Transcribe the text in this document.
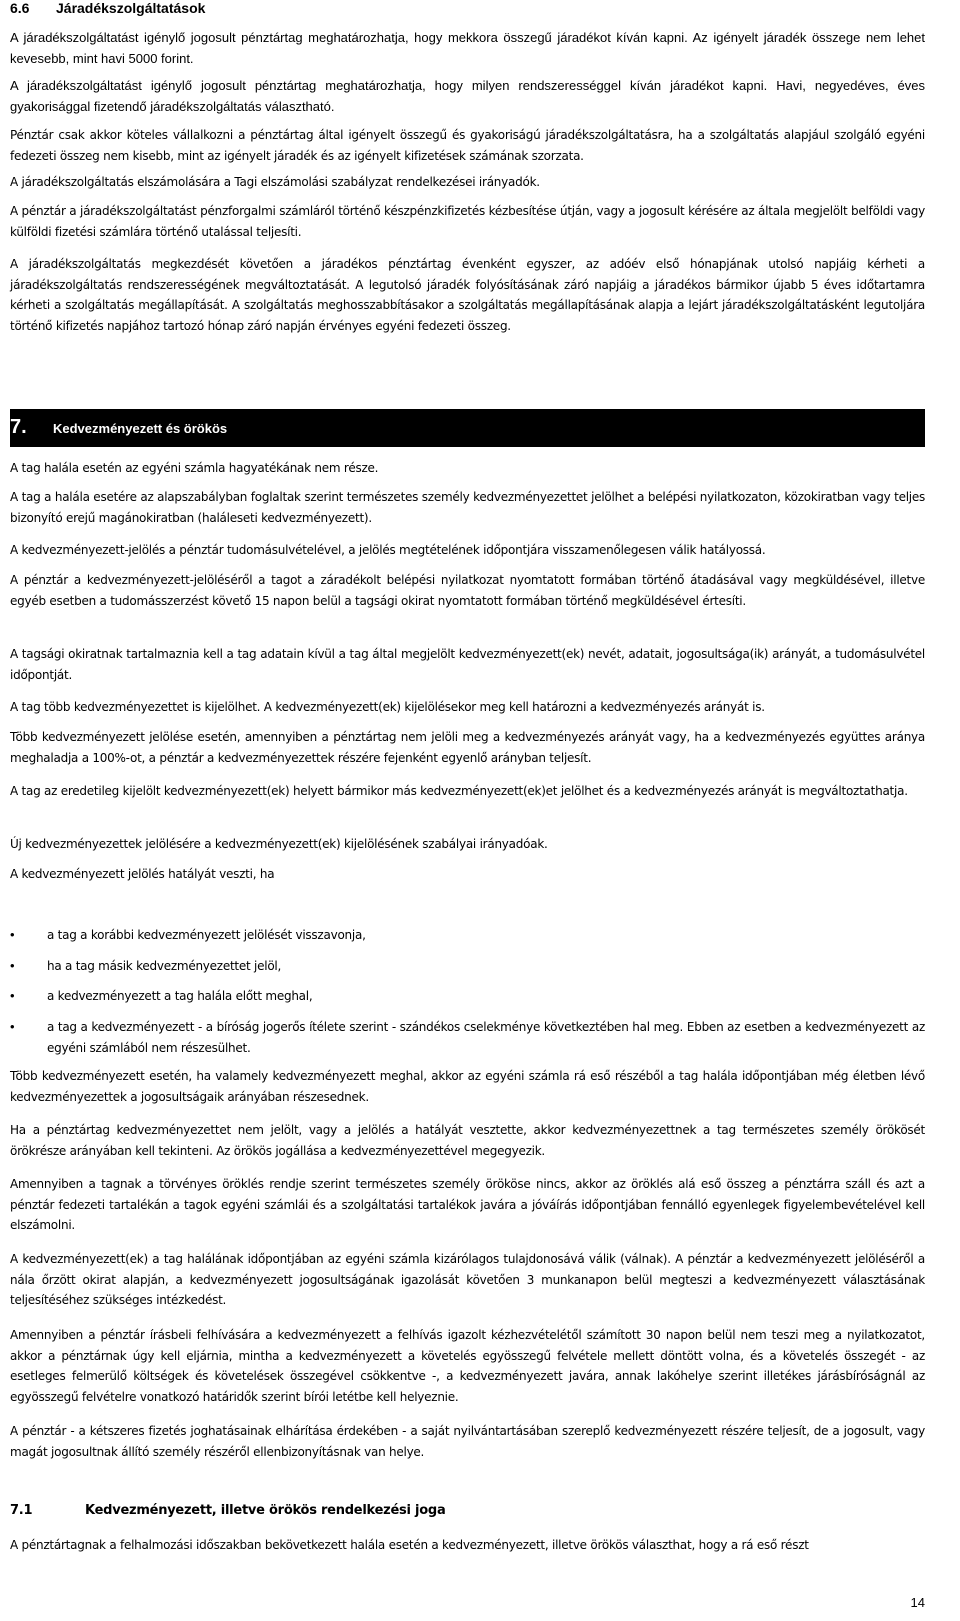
6.6 Járadékszolgáltatások

A járadékszolgáltatást igénylő jogosult pénztártag meghatározhatja, hogy mekkora összegű járadékot kíván kapni. Az igényelt járadék összege nem lehet kevesebb, mint havi 5000 forint.

A járadékszolgáltatást igénylő jogosult pénztártag meghatározhatja, hogy milyen rendszerességgel kíván járadékot kapni. Havi, negyedéves, éves gyakorisággal fizetendő járadékszolgáltatás választható.

Pénztár csak akkor köteles vállalkozni a pénztártag által igényelt összegű és gyakoriságú járadékszolgáltatásra, ha a szolgáltatás alapjául szolgáló egyéni fedezeti összeg nem kisebb, mint az igényelt járadék és az igényelt kifizetések számának szorzata.

A járadékszolgáltatás elszámolására a Tagi elszámolási szabályzat rendelkezései irányadók.

A pénztár a járadékszolgáltatást pénzforgalmi számláról történő készpénzkifizetés kézbesítése útján, vagy a jogosult kérésére az általa megjelölt belföldi vagy külföldi fizetési számlára történő utalással teljesíti.

A járadékszolgáltatás megkezdését követően a járadékos pénztártag évenként egyszer, az adóév első hónapjának utolsó napjáig kérheti a járadékszolgáltatás rendszerességének megváltoztatását. A legutolsó járadék folyósításának záró napjáig a járadékos bármikor újabb 5 éves időtartamra kérheti a szolgáltatás megállapítását. A szolgáltatás meghosszabbításakor a szolgáltatás megállapításának alapja a lejárt járadékszolgáltatásként legutoljára történő kifizetés napjához tartozó hónap záró napján érvényes egyéni fedezeti összeg.

7. Kedvezményezett és örökös

A tag halála esetén az egyéni számla hagyatékának nem része.

A tag a halála esetére az alapszabályban foglaltak szerint természetes személy kedvezményezettet jelölhet a belépési nyilatkozaton, közokiratban vagy teljes bizonyító erejű magánokiratban (haláleseti kedvezményezett).

A kedvezményezett-jelölés a pénztár tudomásulvételével, a jelölés megtételének időpontjára visszamenőlegesen válik hatályossá.

A pénztár a kedvezményezett-jelöléséről a tagot a záradékolt belépési nyilatkozat nyomtatott formában történő átadásával vagy megküldésével, illetve egyéb esetben a tudomásszerzést követő 15 napon belül a tagsági okirat nyomtatott formában történő megküldésével értesíti.

A tagsági okiratnak tartalmaznia kell a tag adatain kívül a tag által megjelölt kedvezményezett(ek) nevét, adatait, jogosultsága(ik) arányát, a tudomásulvétel időpontját.

A tag több kedvezményezettet is kijelölhet. A kedvezményezett(ek) kijelölésekor meg kell határozni a kedvezményezés arányát is.

Több kedvezményezett jelölése esetén, amennyiben a pénztártag nem jelöli meg a kedvezményezés arányát vagy, ha a kedvezményezés együttes aránya meghaladja a 100%-ot, a pénztár a kedvezményezettek részére fejenként egyenlő arányban teljesít.

A tag az eredetileg kijelölt kedvezményezett(ek) helyett bármikor más kedvezményezett(ek)et jelölhet és a kedvezményezés arányát is megváltoztathatja.

Új kedvezményezettek jelölésére a kedvezményezett(ek) kijelölésének szabályai irányadóak.

A kedvezményezett jelölés hatályát veszti, ha

•	a tag a korábbi kedvezményezett jelölését visszavonja,
•	ha a tag másik kedvezményezettet jelöl,
•	a kedvezményezett a tag halála előtt meghal,
•	a tag a kedvezményezett - a bíróság jogerős ítélete szerint - szándékos cselekménye következtében hal meg. Ebben az esetben a kedvezményezett az egyéni számlából nem részesülhet.

Több kedvezményezett esetén, ha valamely kedvezményezett meghal, akkor az egyéni számla rá eső részéből a tag halála időpontjában még életben lévő kedvezményezettek a jogosultságaik arányában részesednek.

Ha a pénztártag kedvezményezettet nem jelölt, vagy a jelölés a hatályát vesztette, akkor kedvezményezettnek a tag természetes személy örökösét örökrésze arányában kell tekinteni. Az örökös jogállása a kedvezményezettével megegyezik.

Amennyiben a tagnak a törvényes öröklés rendje szerint természetes személy örököse nincs, akkor az öröklés alá eső összeg a pénztárra száll és azt a pénztár fedezeti tartalékán a tagok egyéni számlái és a szolgáltatási tartalékok javára a jóváírás időpontjában fennálló egyenlegek figyelembevételével kell elszámolni.

A kedvezményezett(ek) a tag halálának időpontjában az egyéni számla kizárólagos tulajdonosává válik (válnak). A pénztár a kedvezményezett jelöléséről a nála őrzött okirat alapján, a kedvezményezett jogosultságának igazolását követően 3 munkanapon belül megteszi a kedvezményezett választásának teljesítéséhez szükséges intézkedést.

Amennyiben a pénztár írásbeli felhívására a kedvezményezett a felhívás igazolt kézhezvételétől számított 30 napon belül nem teszi meg a nyilatkozatot, akkor a pénztárnak úgy kell eljárnia, mintha a kedvezményezett a követelés egyösszegű felvétele mellett döntött volna, és a követelés összegét - az esetleges felmerülő költségek és követelések összegével csökkentve -, a kedvezményezett javára, annak lakóhelye szerint illetékes járásbíróságnál az egyösszegű felvételre vonatkozó határidők szerint bírói letétbe kell helyeznie.

A pénztár - a kétszeres fizetés joghatásainak elhárítása érdekében - a saját nyilvántartásában szereplő kedvezményezett részére teljesít, de a jogosult, vagy magát jogosultnak állító személy részéről ellenbizonyításnak van helye.

7.1	Kedvezményezett, illetve örökös rendelkezési joga

A pénztártagnak a felhalmozási időszakban bekövetkezett halála esetén a kedvezményezett, illetve örökös választhat, hogy a rá eső részt

14
